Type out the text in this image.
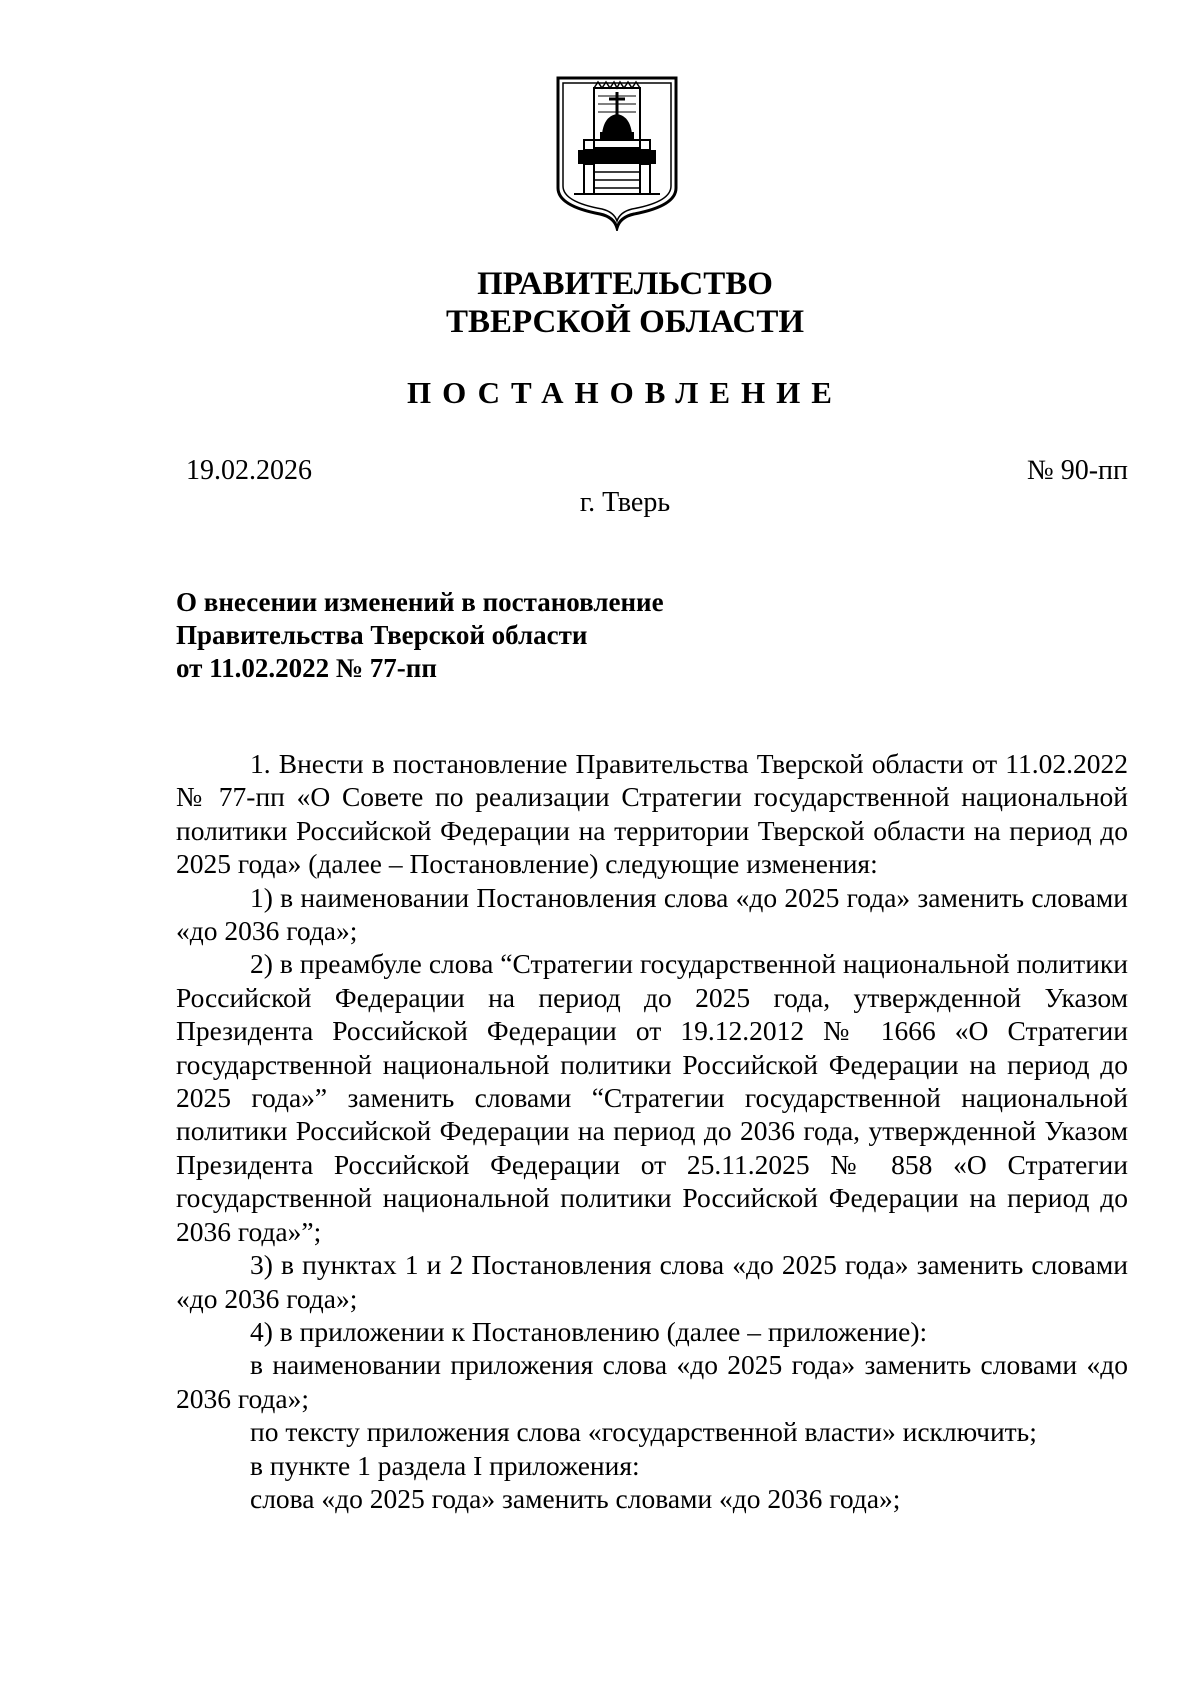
ПРАВИТЕЛЬСТВО
ТВЕРСКОЙ ОБЛАСТИ
ПОСТАНОВЛЕНИЕ
19.02.2026	№ 90-пп
г. Тверь
О внесении изменений в постановление
Правительства Тверской области
от 11.02.2022 № 77-пп

1. Внести в постановление Правительства Тверской области от 11.02.2022 № 77-пп «О Совете по реализации Стратегии государственной национальной политики Российской Федерации на территории Тверской области на период до 2025 года» (далее – Постановление) следующие изменения:

1) в наименовании Постановления слова «до 2025 года» заменить словами «до 2036 года»;

2) в преамбуле слова “Стратегии государственной национальной политики Российской Федерации на период до 2025 года, утвержденной Указом Президента Российской Федерации от 19.12.2012 № 1666 «О Стратегии государственной национальной политики Российской Федерации на период до 2025 года»” заменить словами “Стратегии государственной национальной политики Российской Федерации на период до 2036 года, утвержденной Указом Президента Российской Федерации от 25.11.2025 № 858 «О Стратегии государственной национальной политики Российской Федерации на период до 2036 года»”;

3) в пунктах 1 и 2 Постановления слова «до 2025 года» заменить словами «до 2036 года»;

4) в приложении к Постановлению (далее – приложение):

в наименовании приложения слова «до 2025 года» заменить словами «до 2036 года»;

по тексту приложения слова «государственной власти» исключить;

в пункте 1 раздела I приложения:

слова «до 2025 года» заменить словами «до 2036 года»;
